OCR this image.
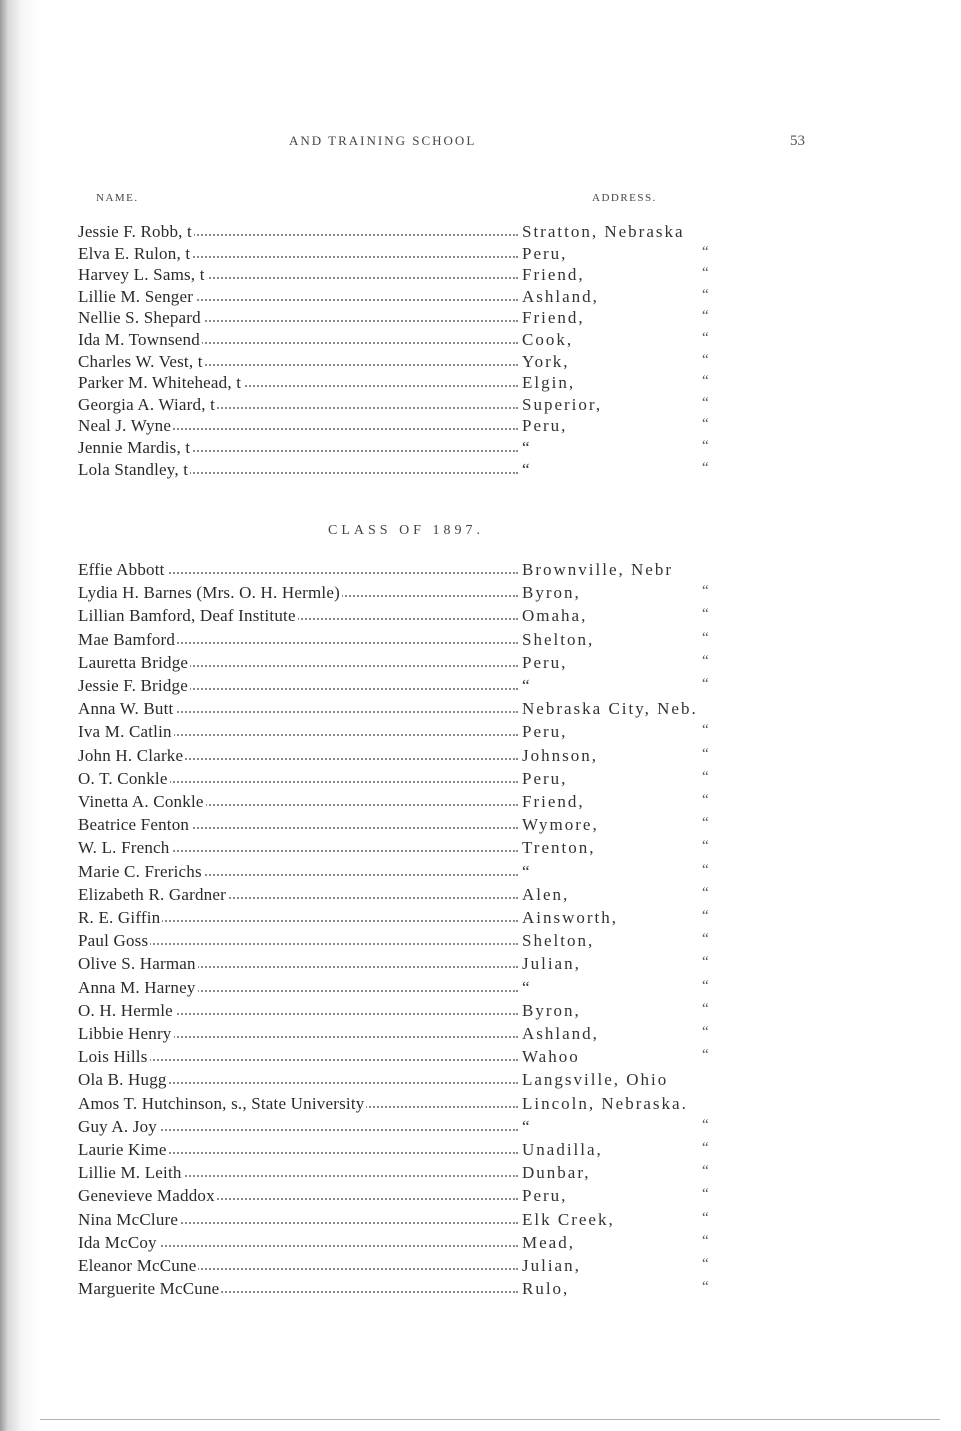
AND TRAINING SCHOOL	53
NAME.	ADDRESS.
Jessie F. Robb, t	Stratton, Nebraska
Elva E. Rulon, t	Peru,	“
Harvey L. Sams, t	Friend,	“
Lillie M. Senger	Ashland,	“
Nellie S. Shepard	Friend,	“
Ida M. Townsend	Cook,	“
Charles W. Vest, t	York,	“
Parker M. Whitehead, t	Elgin,	“
Georgia A. Wiard, t	Superior,	“
Neal J. Wyne	Peru,	“
Jennie Mardis, t	“	“
Lola Standley, t	“	“
CLASS OF 1897.
Effie Abbott	Brownville, Nebr
Lydia H. Barnes (Mrs. O. H. Hermle)	Byron,	“
Lillian Bamford, Deaf Institute	Omaha,	“
Mae Bamford	Shelton,	“
Lauretta Bridge	Peru,	“
Jessie F. Bridge	“	“
Anna W. Butt	Nebraska City, Neb.
Iva M. Catlin	Peru,	“
John H. Clarke	Johnson,	“
O. T. Conkle	Peru,	“
Vinetta A. Conkle	Friend,	“
Beatrice Fenton	Wymore,	“
W. L. French	Trenton,	“
Marie C. Frerichs	“	“
Elizabeth R. Gardner	Alen,	“
R. E. Giffin	Ainsworth,	“
Paul Goss	Shelton,	“
Olive S. Harman	Julian,	“
Anna M. Harney	“	“
O. H. Hermle	Byron,	“
Libbie Henry	Ashland,	“
Lois Hills	Wahoo	“
Ola B. Hugg	Langsville, Ohio
Amos T. Hutchinson, s., State University	Lincoln, Nebraska.
Guy A. Joy	“	“
Laurie Kime	Unadilla,	“
Lillie M. Leith	Dunbar,	“
Genevieve Maddox	Peru,	“
Nina McClure	Elk Creek,	“
Ida McCoy	Mead,	“
Eleanor McCune	Julian,	“
Marguerite McCune	Rulo,	“
